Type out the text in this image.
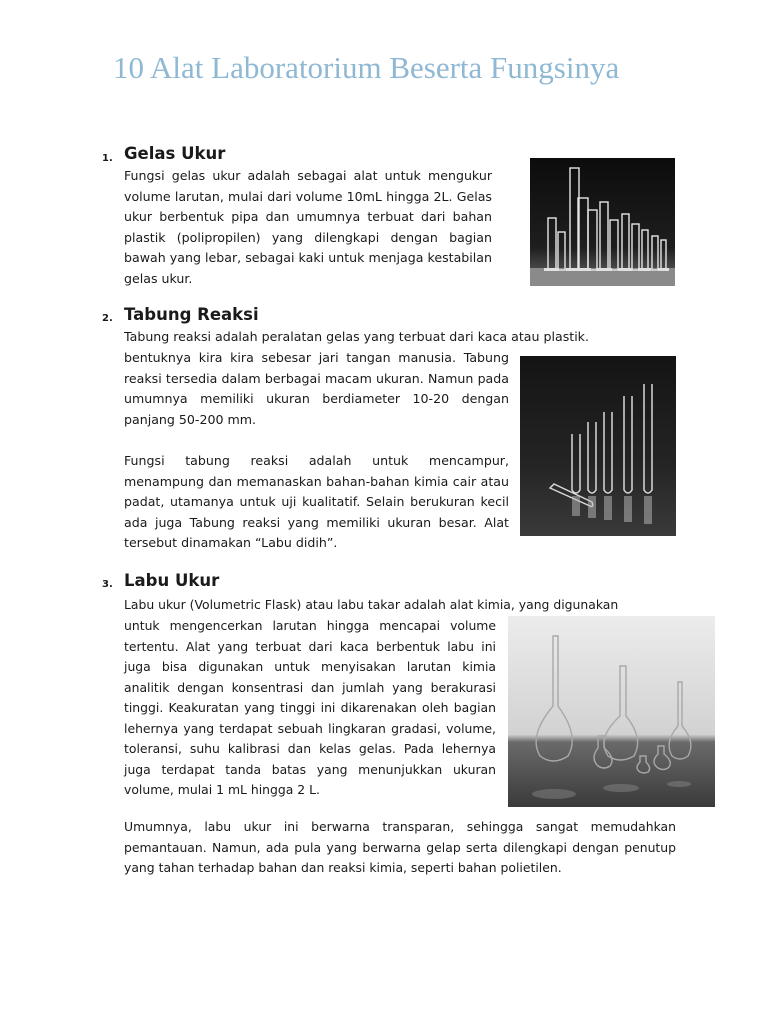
10 Alat Laboratorium Beserta Fungsinya
1. Gelas Ukur

Fungsi gelas ukur adalah sebagai alat untuk mengukur volume larutan, mulai dari volume 10mL hingga 2L. Gelas ukur berbentuk pipa dan umumnya terbuat dari bahan plastik (polipropilen) yang dilengkapi dengan bagian bawah yang lebar, sebagai kaki untuk menjaga kestabilan gelas ukur.

2. Tabung Reaksi

Tabung reaksi adalah peralatan gelas yang terbuat dari kaca atau plastik.

bentuknya kira kira sebesar jari tangan manusia. Tabung reaksi tersedia dalam berbagai macam ukuran. Namun pada umumnya memiliki ukuran berdiameter 10-20 dengan panjang 50-200 mm.

Fungsi tabung reaksi adalah untuk mencampur, menampung dan memanaskan bahan-bahan kimia cair atau padat, utamanya untuk uji kualitatif. Selain berukuran kecil ada juga Tabung reaksi yang memiliki ukuran besar. Alat tersebut dinamakan “Labu didih”.

3. Labu Ukur

Labu ukur (Volumetric Flask) atau labu takar adalah alat kimia, yang digunakan

untuk mengencerkan larutan hingga mencapai volume tertentu. Alat yang terbuat dari kaca berbentuk labu ini juga bisa digunakan untuk menyisakan larutan kimia analitik dengan konsentrasi dan jumlah yang berakurasi tinggi. Keakuratan yang tinggi ini dikarenakan oleh bagian lehernya yang terdapat sebuah lingkaran gradasi, volume, toleransi, suhu kalibrasi dan kelas gelas. Pada lehernya juga terdapat tanda batas yang menunjukkan ukuran volume, mulai 1 mL hingga 2 L.

Umumnya, labu ukur ini berwarna transparan, sehingga sangat memudahkan pemantauan. Namun, ada pula yang berwarna gelap serta dilengkapi dengan penutup yang tahan terhadap bahan dan reaksi kimia, seperti bahan polietilen.
